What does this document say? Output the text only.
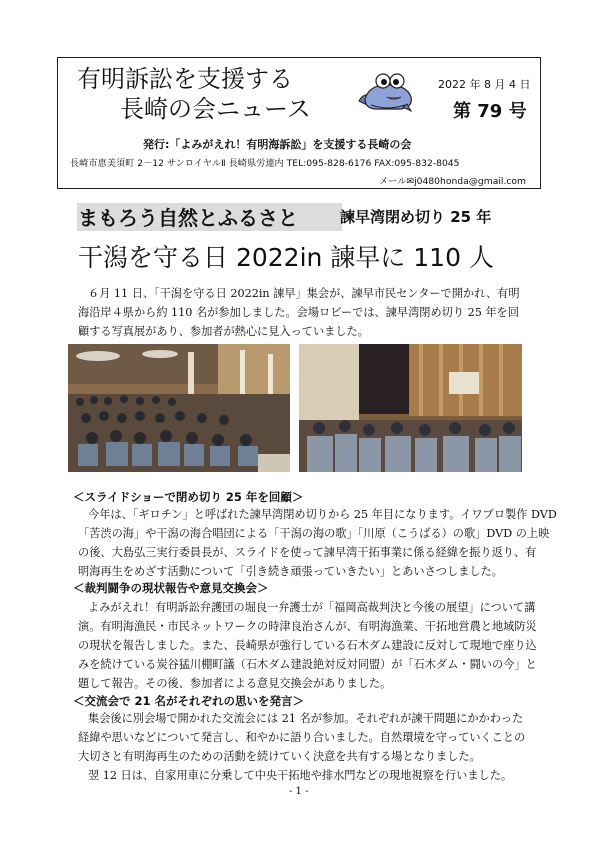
有明訴訟を支援する
長崎の会ニュース
2022 年 8 月 4 日
第 79 号
発行:「よみがえれ！有明海訴訟」を支援する長崎の会
長崎市恵美須町 2－12 サンロイヤルⅡ 長崎県労連内 TEL:095-828-6176 FAX:095-832-8045
メール✉j0480honda@gmail.com
まもろう自然とふるさと	諫早湾閉め切り 25 年
干潟を守る日 2022in 諫早に 110 人
６月 11 日、「干潟を守る日 2022in 諫早」集会が、諫早市民センターで開かれ、有明
海沿岸４県から約 110 名が参加しました。会場ロビーでは、諫早湾閉め切り 25 年を回
顧する写真展があり、参加者が熱心に見入っていました。
＜スライドショーで閉め切り 25 年を回顧＞
今年は、「ギロチン」と呼ばれた諫早湾閉め切りから 25 年目になります。イワプロ製作 DVD
「苦渋の海」や干潟の海合唱団による「干潟の海の歌」「川原（こうばる）の歌」DVD の上映
の後、大島弘三実行委員長が、スライドを使って諫早湾干拓事業に係る経緯を振り返り、有
明海再生をめざす活動について「引き続き頑張っていきたい」とあいさつしました。
＜裁判闘争の現状報告や意見交換会＞
よみがえれ！有明訴訟弁護団の堀良一弁護士が「福岡高裁判決と今後の展望」について講
演。有明海漁民・市民ネットワークの時津良治さんが、有明海漁業、干拓地営農と地域防災
の現状を報告しました。また、長崎県が強行している石木ダム建設に反対して現地で座り込
みを続けている炭谷猛川棚町議（石木ダム建設絶対反対同盟）が「石木ダム・闘いの今」と
題して報告。その後、参加者による意見交換会がありました。
＜交流会で 21 名がそれぞれの思いを発言＞
集会後に別会場で開かれた交流会には 21 名が参加。それぞれが諫干問題にかかわった
経緯や思いなどについて発言し、和やかに語り合いました。自然環境を守っていくことの
大切さと有明海再生のための活動を続けていく決意を共有する場となりました。
翌 12 日は、自家用車に分乗して中央干拓地や排水門などの現地視察を行いました。
- 1 -
